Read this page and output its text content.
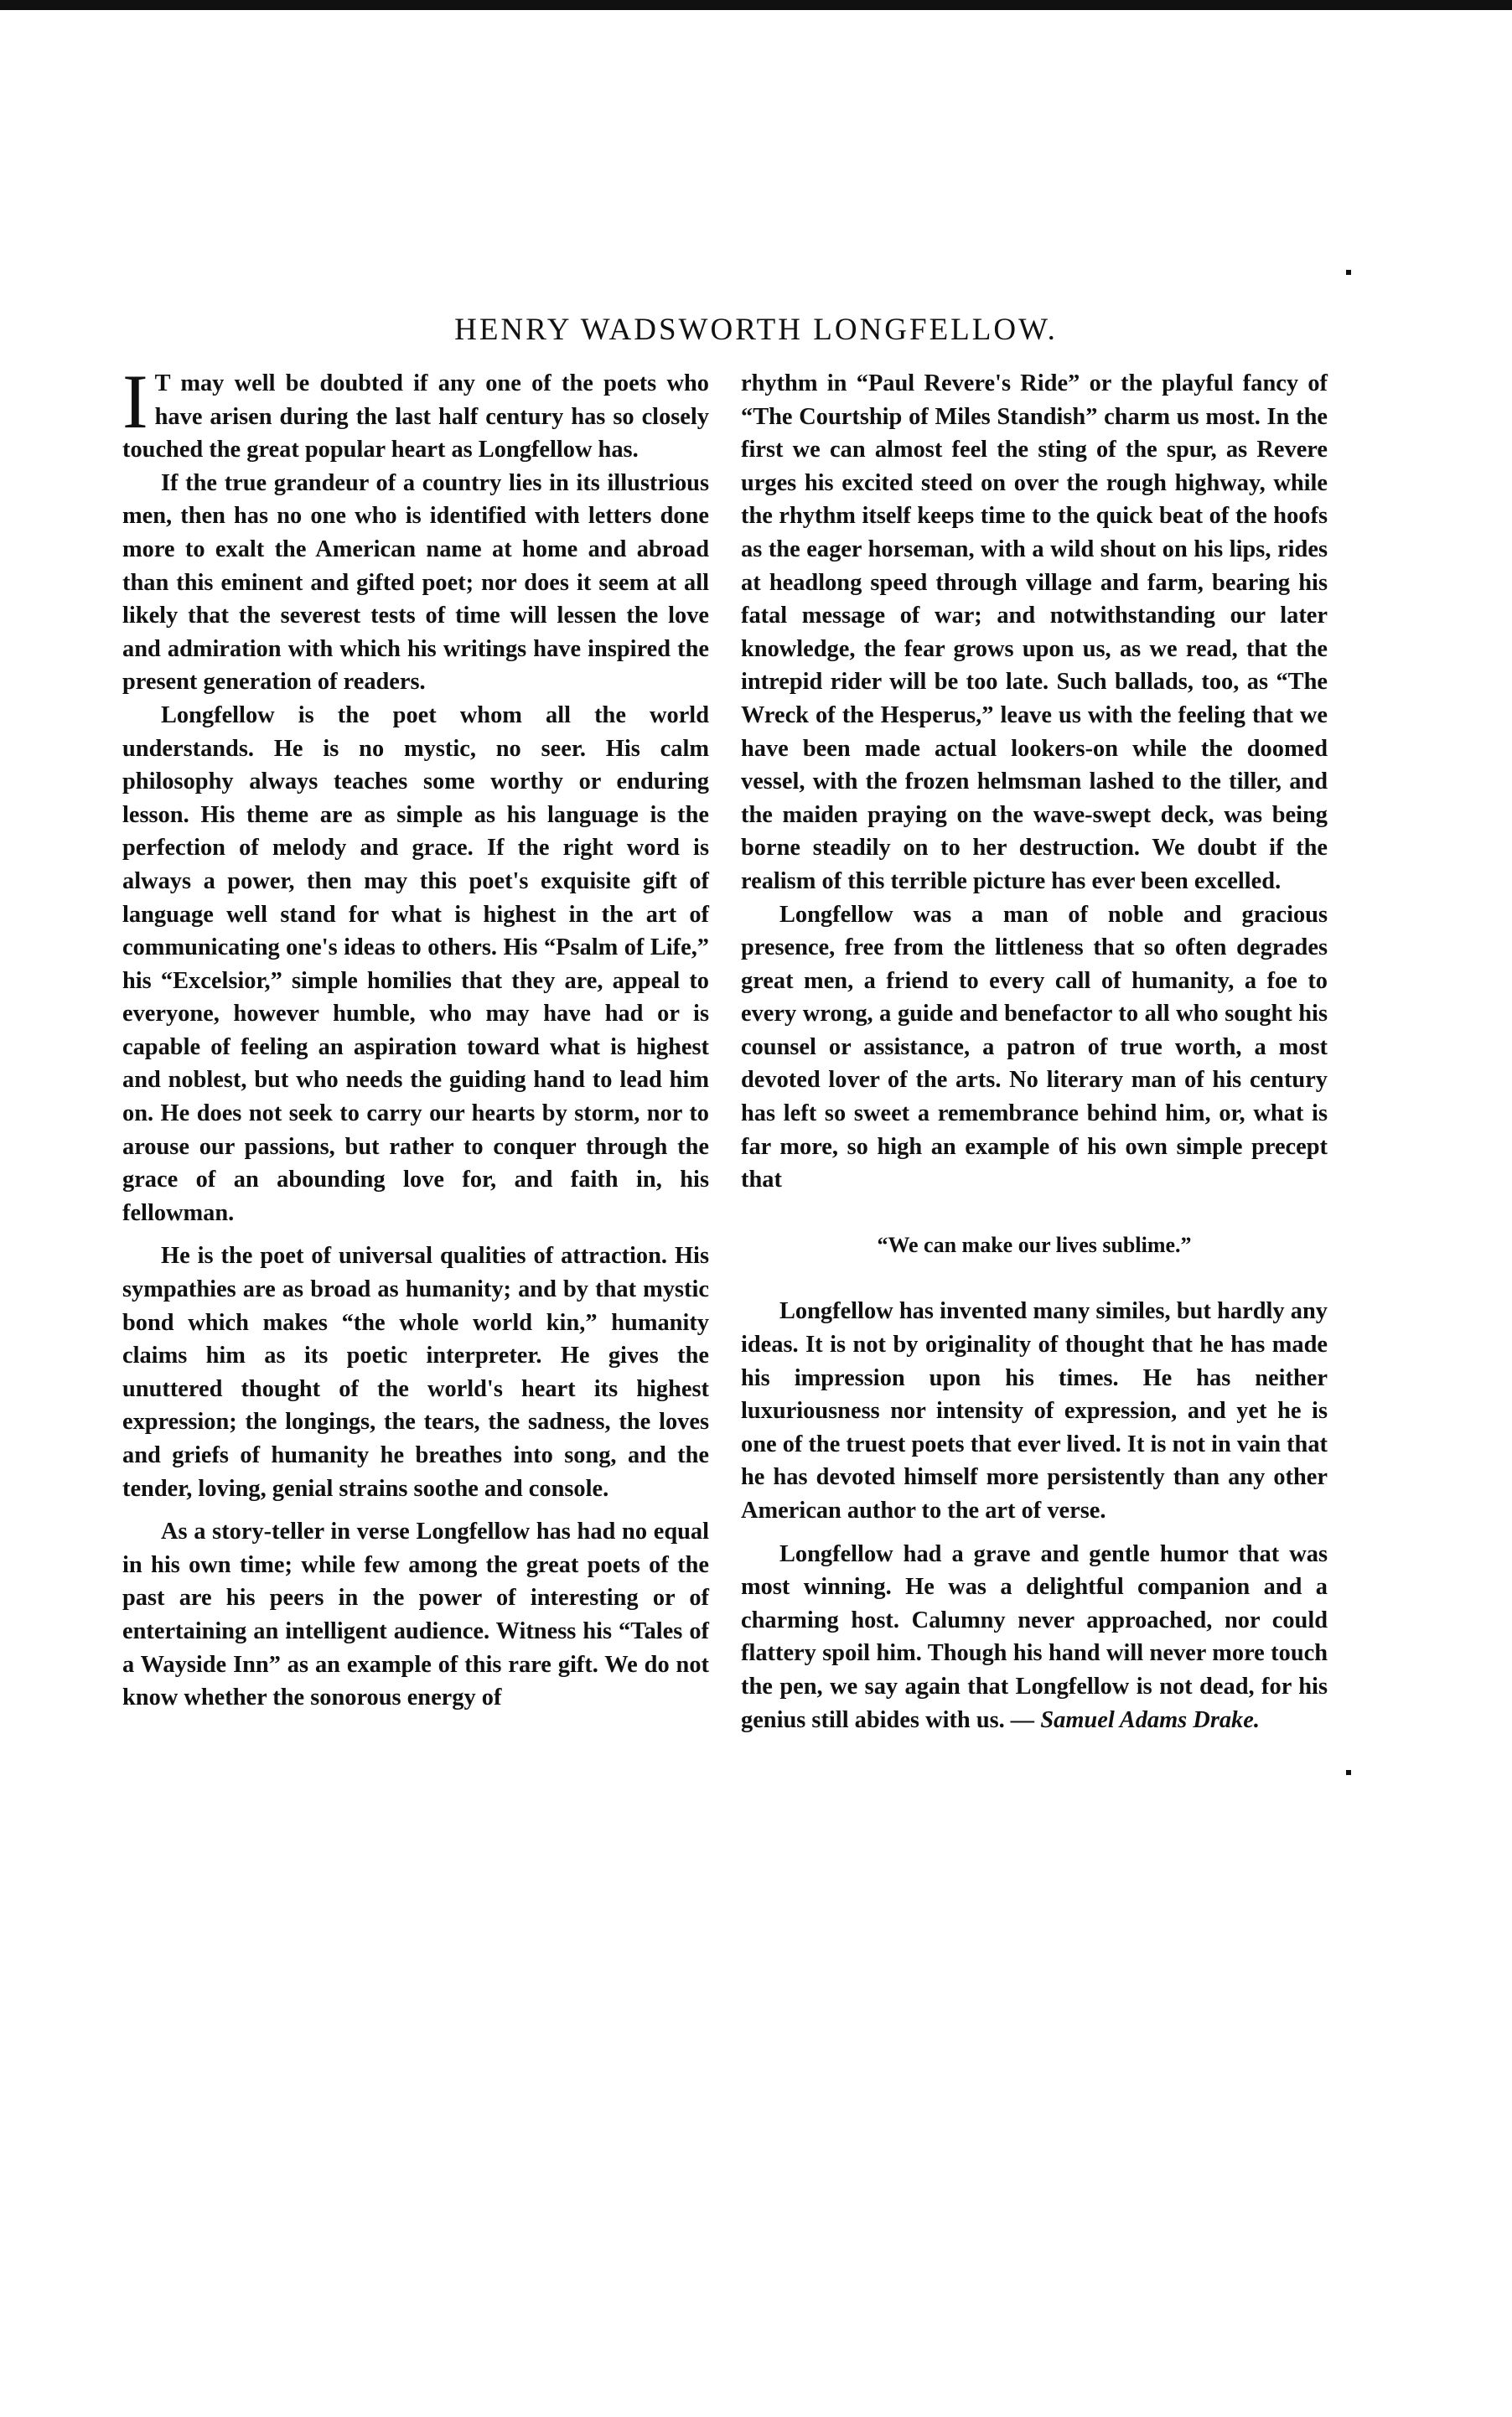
HENRY WADSWORTH LONGFELLOW.

I T may well be doubted if any one of the poets who have arisen during the last half century has so closely touched the great popular heart as Longfellow has.

If the true grandeur of a country lies in its illustrious men, then has no one who is identified with letters done more to exalt the American name at home and abroad than this eminent and gifted poet; nor does it seem at all likely that the severest tests of time will lessen the love and admiration with which his writings have inspired the present generation of readers.

Longfellow is the poet whom all the world understands. He is no mystic, no seer. His calm philosophy always teaches some worthy or enduring lesson. His theme are as simple as his language is the perfection of melody and grace. If the right word is always a power, then may this poet's exquisite gift of language well stand for what is highest in the art of communicating one's ideas to others. His “Psalm of Life,” his “Excelsior,” simple homilies that they are, appeal to everyone, however humble, who may have had or is capable of feeling an aspiration toward what is highest and noblest, but who needs the guiding hand to lead him on. He does not seek to carry our hearts by storm, nor to arouse our passions, but rather to conquer through the grace of an abounding love for, and faith in, his fellowman.

He is the poet of universal qualities of attraction. His sympathies are as broad as humanity; and by that mystic bond which makes “the whole world kin,” humanity claims him as its poetic interpreter. He gives the unuttered thought of the world's heart its highest expression; the longings, the tears, the sadness, the loves and griefs of humanity he breathes into song, and the tender, loving, genial strains soothe and console.

As a story-teller in verse Longfellow has had no equal in his own time; while few among the great poets of the past are his peers in the power of interesting or of entertaining an intelligent audience. Witness his “Tales of a Wayside Inn” as an example of this rare gift. We do not know whether the sonorous energy of

rhythm in “Paul Revere's Ride” or the playful fancy of “The Courtship of Miles Standish” charm us most. In the first we can almost feel the sting of the spur, as Revere urges his excited steed on over the rough highway, while the rhythm itself keeps time to the quick beat of the hoofs as the eager horseman, with a wild shout on his lips, rides at headlong speed through village and farm, bearing his fatal message of war; and notwithstanding our later knowledge, the fear grows upon us, as we read, that the intrepid rider will be too late. Such ballads, too, as “The Wreck of the Hesperus,” leave us with the feeling that we have been made actual lookers-on while the doomed vessel, with the frozen helmsman lashed to the tiller, and the maiden praying on the wave-swept deck, was being borne steadily on to her destruction. We doubt if the realism of this terrible picture has ever been excelled.

Longfellow was a man of noble and gracious presence, free from the littleness that so often degrades great men, a friend to every call of humanity, a foe to every wrong, a guide and benefactor to all who sought his counsel or assistance, a patron of true worth, a most devoted lover of the arts. No literary man of his century has left so sweet a remembrance behind him, or, what is far more, so high an example of his own simple precept that

“We can make our lives sublime.”

Longfellow has invented many similes, but hardly any ideas. It is not by originality of thought that he has made his impression upon his times. He has neither luxuriousness nor intensity of expression, and yet he is one of the truest poets that ever lived. It is not in vain that he has devoted himself more persistently than any other American author to the art of verse.

Longfellow had a grave and gentle humor that was most winning. He was a delightful companion and a charming host. Calumny never approached, nor could flattery spoil him. Though his hand will never more touch the pen, we say again that Longfellow is not dead, for his genius still abides with us. — Samuel Adams Drake.
